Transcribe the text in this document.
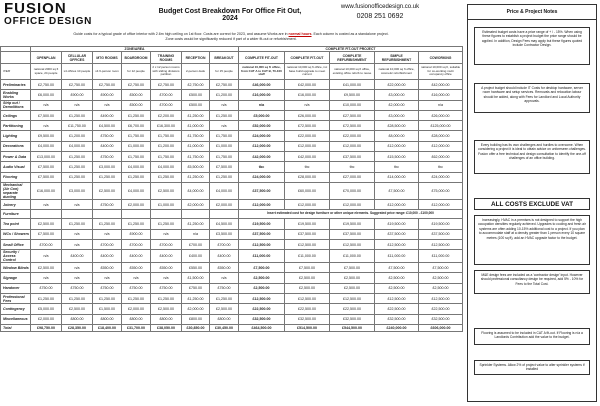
FUSION
OFFICE DESIGN
Budget Cost Breakdown For Office Fit Out, 2024
www.fusionofficedesign.co.uk
0208 251 0692
Guide costs for a typical grade of office interior with 2.6m high ceiling on 1st floor. Costs are correct for 2023, and assume Works are in normal hours. Each column is costed as a standalone project.
Zone costs would be significantly reduced if part of a wider fit-out or refurbishment.
	ZONE/AREA							COMPLETE FIT-OUT PROJECT				
	OPENPLAN	CELLULAR OFFICES	MTG ROOMS	BOARDROOM	TRAINING ROOMS	RECEPTION	BREAKOUT	COMPLETE FIT-OUT	COMPLETE FIT-OUT	COMPLETE REFURBISHMENT	SIMPLE REFURBISHMENT	COWORKING
ITEM	national 2000 sq ft space, 24 people	x4 offices 10 people	x4 6-person room	for 12 people	2 x 12 person rooms with sliding divisions partition	2-person desk	for 15 people	national 10,000 sq ft office, from CAT A to CAT B, 70-100 staff	national 10,000 sq ft office, inc base build upgrade to meet current	national 10,000 sq ft office, existing office refurb to reuse	national 10,000 sq ft office, cosmetic refurbishment	national 10,000 sq ft, suitable for co-working multi occupancy office
Preliminaries	£2,750.00	£2,750.00	£2,750.00	£2,750.00	£2,750.00	£2,750.00	£2,750.00	£46,000.00	£42,000.00	£41,000.00	£22,000.00	£42,000.00
Enabling Works	£6,000.00	£900.00	£900.00	£500.00	£700.00	£500.00	£1,200.00	£16,000.00	£16,000.00	£9,500.00	£3,000.00	£16,000.00
Strip out / Demolitions	n/a	n/a	n/a	£500.00	£700.00	£500.00	n/a	n/a	n/a	£10,000.00	£2,000.00	n/a
Ceilings	£7,500.00	£1,250.00	£490.00	£1,250.00	£2,200.00	£1,250.00	£1,250.00	£5,000.00	£26,000.00	£27,500.00	£3,000.00	£26,000.00
Partitioning	n/a	£11,750.00	£4,500.00	£6,700.00	£16,300.00	£1,000.00	n/a	£52,000.00	£72,500.00	£72,500.00	£28,500.00	£125,000.00
Lighting	£9,500.00	£1,200.00	£750.00	£1,750.00	£1,750.00	£1,750.00	£1,750.00	£24,000.00	£22,000.00	£22,000.00	£8,000.00	£28,000.00
Decorations	£4,000.00	£4,000.00	£400.00	£1,000.00	£1,200.00	£1,000.00	£1,000.00	£12,000.00	£12,000.00	£12,000.00	£12,000.00	£12,000.00
Power & Data	£13,000.00	£1,250.00	£750.00	£1,750.00	£1,750.00	£1,750.00	£1,750.00	£42,000.00	£42,000.00	£37,500.00	£15,500.00	£62,000.00
Audio Visual	£7,500.00	£1,250.00	£3,000.00	£4,000.00	£4,000.00	£5,500.00	£7,500.00	tbc	tbc	tbc	tbc	tbc
Flooring	£7,500.00	£1,250.00	£1,250.00	£1,250.00	£1,250.00	£1,250.00	£1,250.00	£24,000.00	£28,000.00	£27,000.00	£14,000.00	£24,000.00
Mechanical (Air Con) separate ducting	£16,000.00	£3,000.00	£2,500.00	£4,000.00	£2,500.00	£4,000.00	£4,000.00	£37,500.00	£60,000.00	£70,000.00	£7,500.00	£75,000.00
Joinery	n/a	n/a	£750.00	£2,000.00	£1,000.00	£2,000.00	£2,000.00	£12,000.00	£12,000.00	£12,000.00	£12,000.00	£12,000.00
Furniture								Insert estimated cost for design furniture or other unique elements. Suggested price range: £10,000 - £100,000				
Tea point	£2,500.00	£1,250.00	£1,250.00	£1,250.00	£1,250.00	£1,250.00	£4,500.00	£19,500.00	£19,500.00	£19,500.00	£19,500.00	£19,500.00
WCs / Showers	£7,500.00	n/a	n/a	£900.00	n/a	n/a	£3,500.00	£37,500.00	£37,500.00	£37,500.00	£37,500.00	£37,500.00
Small Office	£700.00	n/a	£700.00	£700.00	£700.00	£700.00	£700.00	£12,500.00	£12,500.00	£12,500.00	£12,500.00	£12,500.00
Security / Access Control	n/a	£400.00	£400.00	£400.00	£400.00	£400.00	£400.00	£11,000.00	£11,000.00	£11,000.00	£11,000.00	£11,000.00
Window Blinds	£2,500.00	n/a	£550.00	£550.00	£550.00	£550.00	£550.00	£7,500.00	£7,500.00	£7,500.00	£7,500.00	£7,500.00
Signage	n/a	n/a	n/a	n/a	n/a	£1,500.00	n/a	£2,500.00	£2,500.00	£2,500.00	£2,500.00	£2,500.00
Handover	£750.00	£750.00	£750.00	£750.00	£750.00	£750.00	£750.00	£2,500.00	£2,500.00	£2,500.00	£2,500.00	£2,500.00
Professional Fees	£1,250.00	£1,250.00	£1,250.00	£1,250.00	£1,250.00	£1,250.00	£1,250.00	£12,500.00	£12,500.00	£12,500.00	£12,500.00	£12,500.00
Contingency	£5,000.00	£2,500.00	£1,500.00	£2,000.00	£2,500.00	£2,000.00	£2,500.00	£22,500.00	£22,500.00	£22,500.00	£22,500.00	£22,500.00
Miscellaneous	£2,000.00	£800.00	£800.00	£800.00	£800.00	£800.00	£800.00	£32,500.00	£32,500.00	£32,500.00	£32,500.00	£32,500.00
Total	£98,750.00	£28,350.00	£18,400.00	£31,700.00	£38,050.00	£30,850.00	£30,450.00	£464,500.00	£514,500.00	£544,500.00	£240,000.00	£606,000.00
Price & Project Notes
Estimated budget costs have a price range of + / - 15%. When using these figures to establish a project budget the price range should be applied. In addition, Design Fees may apply but these figures quoted include Contractor Design.
A project budget should include IT Costs for desktop hardware, server room hardware and setup services. Removals and relocation labour should be added, along with Fees for Landlord and Local Authority approvals.
Every building has its own challenges and hurdles to overcome. When considering a project it is ideal to obtain advice on unforeseen challenges. Fusion offer a free technical and design consultation to identify the one-off challenges of an office building.
ALL COSTS EXCLUDE VAT
Increasingly, HVAC in a premises is not designed to support the high occupation densities regularly achieved. Upgrades to cooling and fresh air systems are often adding 10-15% additional cost to a project. If you plan to accommodate staff at a density greater than 1 person every 10 square metres (100 sq ft), add an HVAC upgrade factor to the budget.
M&E design fees are included as a 'contractor design' input. However should professional consultancy design be required, add 5% - 10% for Fees to the Total Cost.
Flooring is assumed to be included in CAT A fit-out. If Flooring is n/a a Landlords Contribution add the value to the budget.
Sprinkler Systems. Allow 2% of project value to alter sprinkler systems if installed
